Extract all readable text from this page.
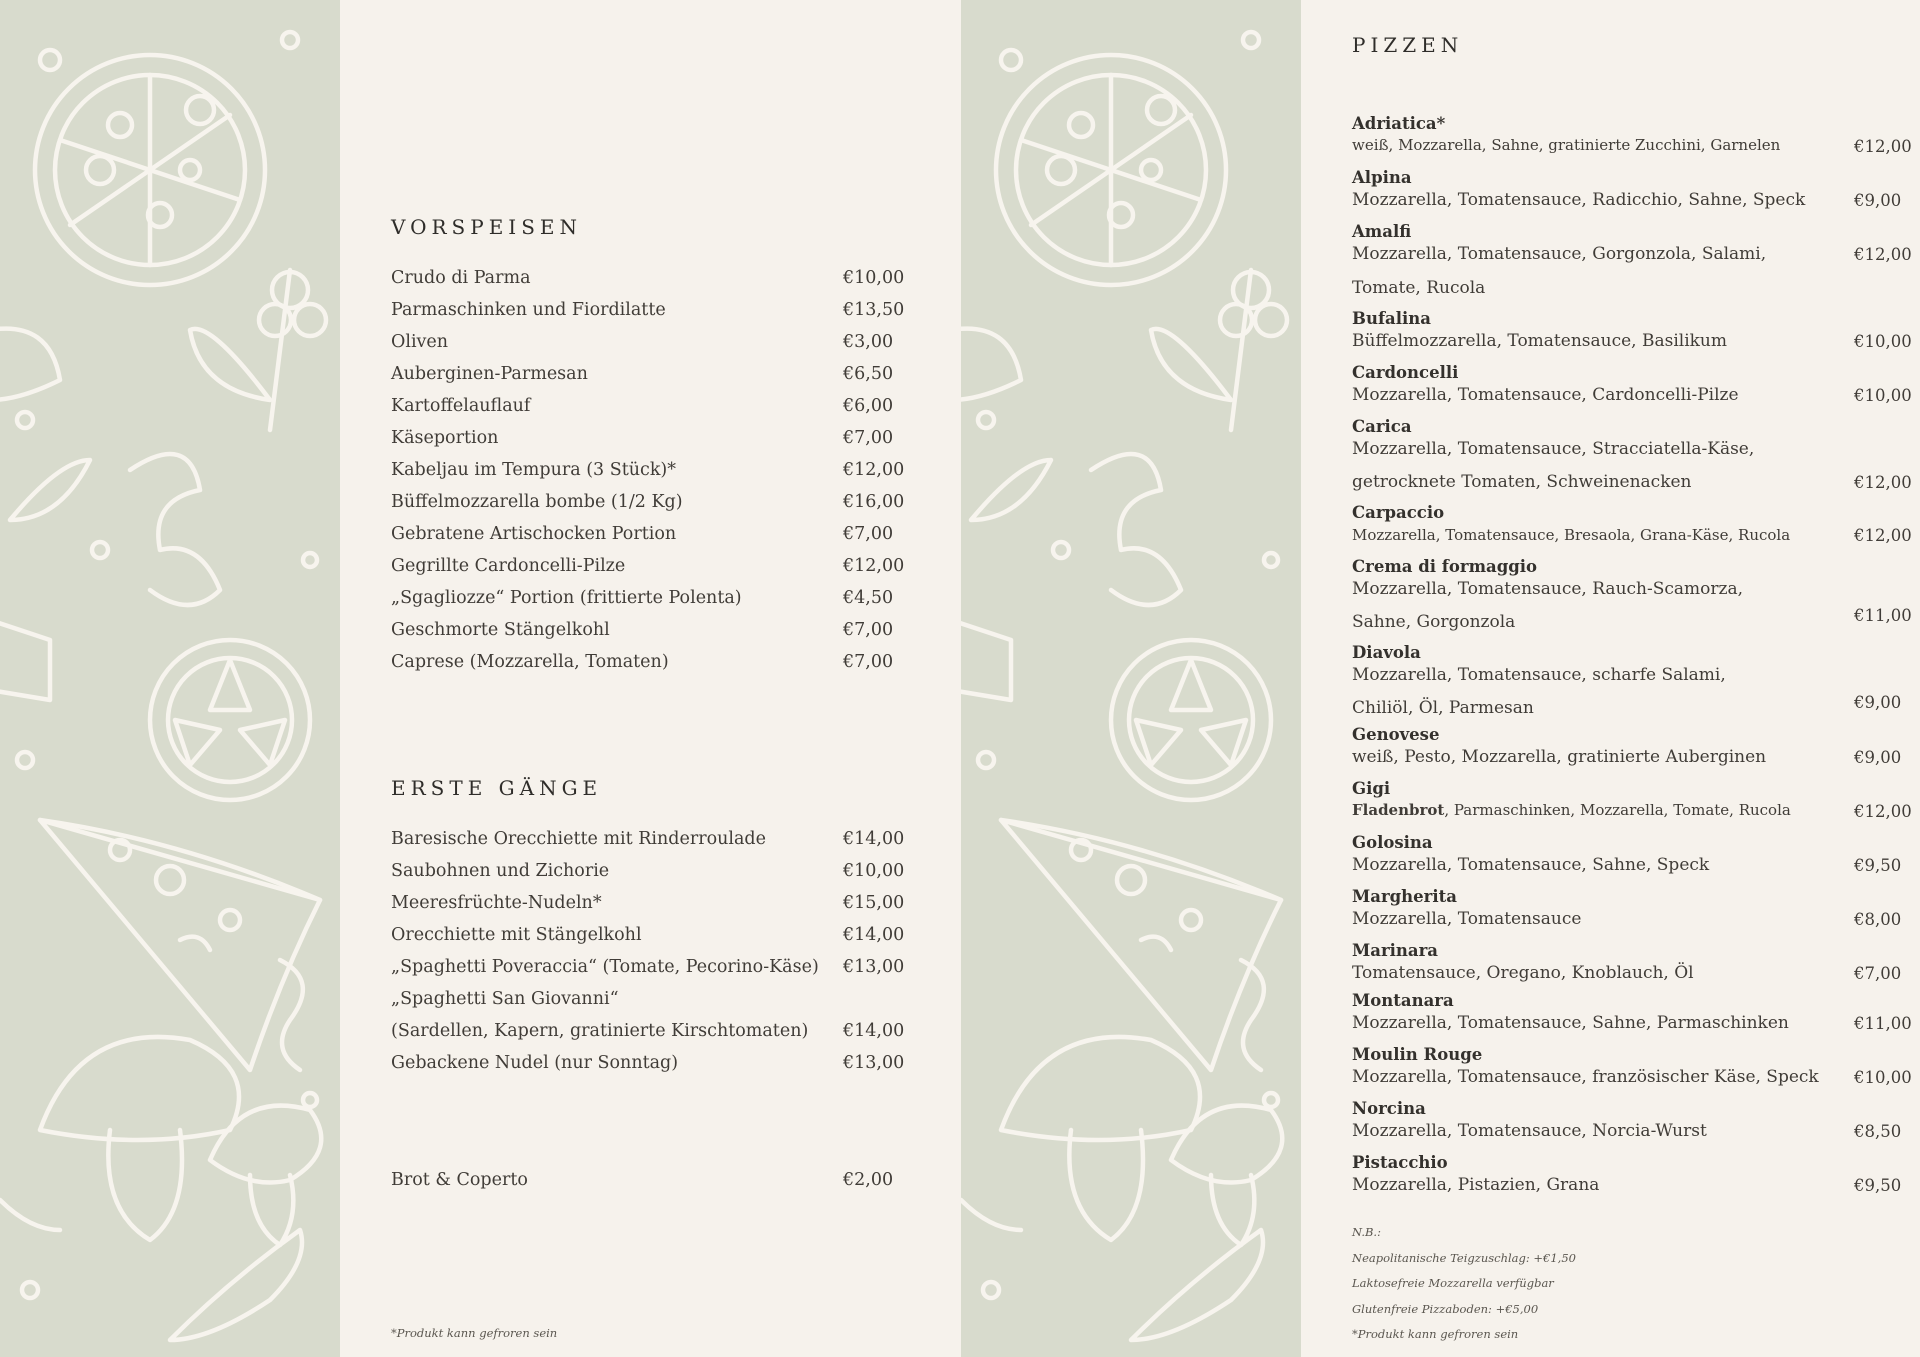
VORSPEISEN
Crudo di Parma	€10,00
Parmaschinken und Fiordilatte	€13,50
Oliven	€3,00
Auberginen-Parmesan	€6,50
Kartoffelauflauf	€6,00
Käseportion	€7,00
Kabeljau im Tempura (3 Stück)*	€12,00
Büffelmozzarella bombe (1/2 Kg)	€16,00
Gebratene Artischocken Portion	€7,00
Gegrillte Cardoncelli-Pilze	€12,00
„Sgagliozze“ Portion (frittierte Polenta)	€4,50
Geschmorte Stängelkohl	€7,00
Caprese (Mozzarella, Tomaten)	€7,00
ERSTE GÄNGE
Baresische Orecchiette mit Rinderroulade	€14,00
Saubohnen und Zichorie	€10,00
Meeresfrüchte-Nudeln*	€15,00
Orecchiette mit Stängelkohl	€14,00
„Spaghetti Poveraccia“ (Tomate, Pecorino-Käse) €13,00
„Spaghetti San Giovanni“
(Sardellen, Kapern, gratinierte Kirschtomaten) €14,00
Gebackene Nudel (nur Sonntag)	€13,00
Brot & Coperto	€2,00
*Produkt kann gefroren sein
PIZZEN
Adriatica*
weiß, Mozzarella, Sahne, gratinierte Zucchini, Garnelen	€12,00
Alpina
Mozzarella, Tomatensauce, Radicchio, Sahne, Speck	€9,00
Amalfi
Mozzarella, Tomatensauce, Gorgonzola, Salami,
Tomate, Rucola
€12,00
Bufalina
Büffelmozzarella, Tomatensauce, Basilikum	€10,00
Cardoncelli
Mozzarella, Tomatensauce, Cardoncelli-Pilze	€10,00
Carica
Mozzarella, Tomatensauce, Stracciatella-Käse,
getrocknete Tomaten, Schweinenacken	€12,00
Carpaccio
Mozzarella, Tomatensauce, Bresaola, Grana-Käse, Rucola	€12,00
Crema di formaggio
Mozzarella, Tomatensauce, Rauch-Scamorza,
Sahne, Gorgonzola	€11,00
Diavola
Mozzarella, Tomatensauce, scharfe Salami,
Chiliöl, Öl, Parmesan	€9,00
Genovese
weiß, Pesto, Mozzarella, gratinierte Auberginen	€9,00
Gigi
Fladenbrot, Parmaschinken, Mozzarella, Tomate, Rucola	€12,00
Golosina
Mozzarella, Tomatensauce, Sahne, Speck	€9,50
Margherita
Mozzarella, Tomatensauce	€8,00
Marinara
Tomatensauce, Oregano, Knoblauch, Öl	€7,00
Montanara
Mozzarella, Tomatensauce, Sahne, Parmaschinken	€11,00
Moulin Rouge
Mozzarella, Tomatensauce, französischer Käse, Speck €10,00
Norcina
Mozzarella, Tomatensauce, Norcia-Wurst	€8,50
Pistacchio
Mozzarella, Pistazien, Grana	€9,50
N.B.:
Neapolitanische Teigzuschlag: +€1,50
Laktosefreie Mozzarella verfügbar
Glutenfreie Pizzaboden: +€5,00
*Produkt kann gefroren sein
